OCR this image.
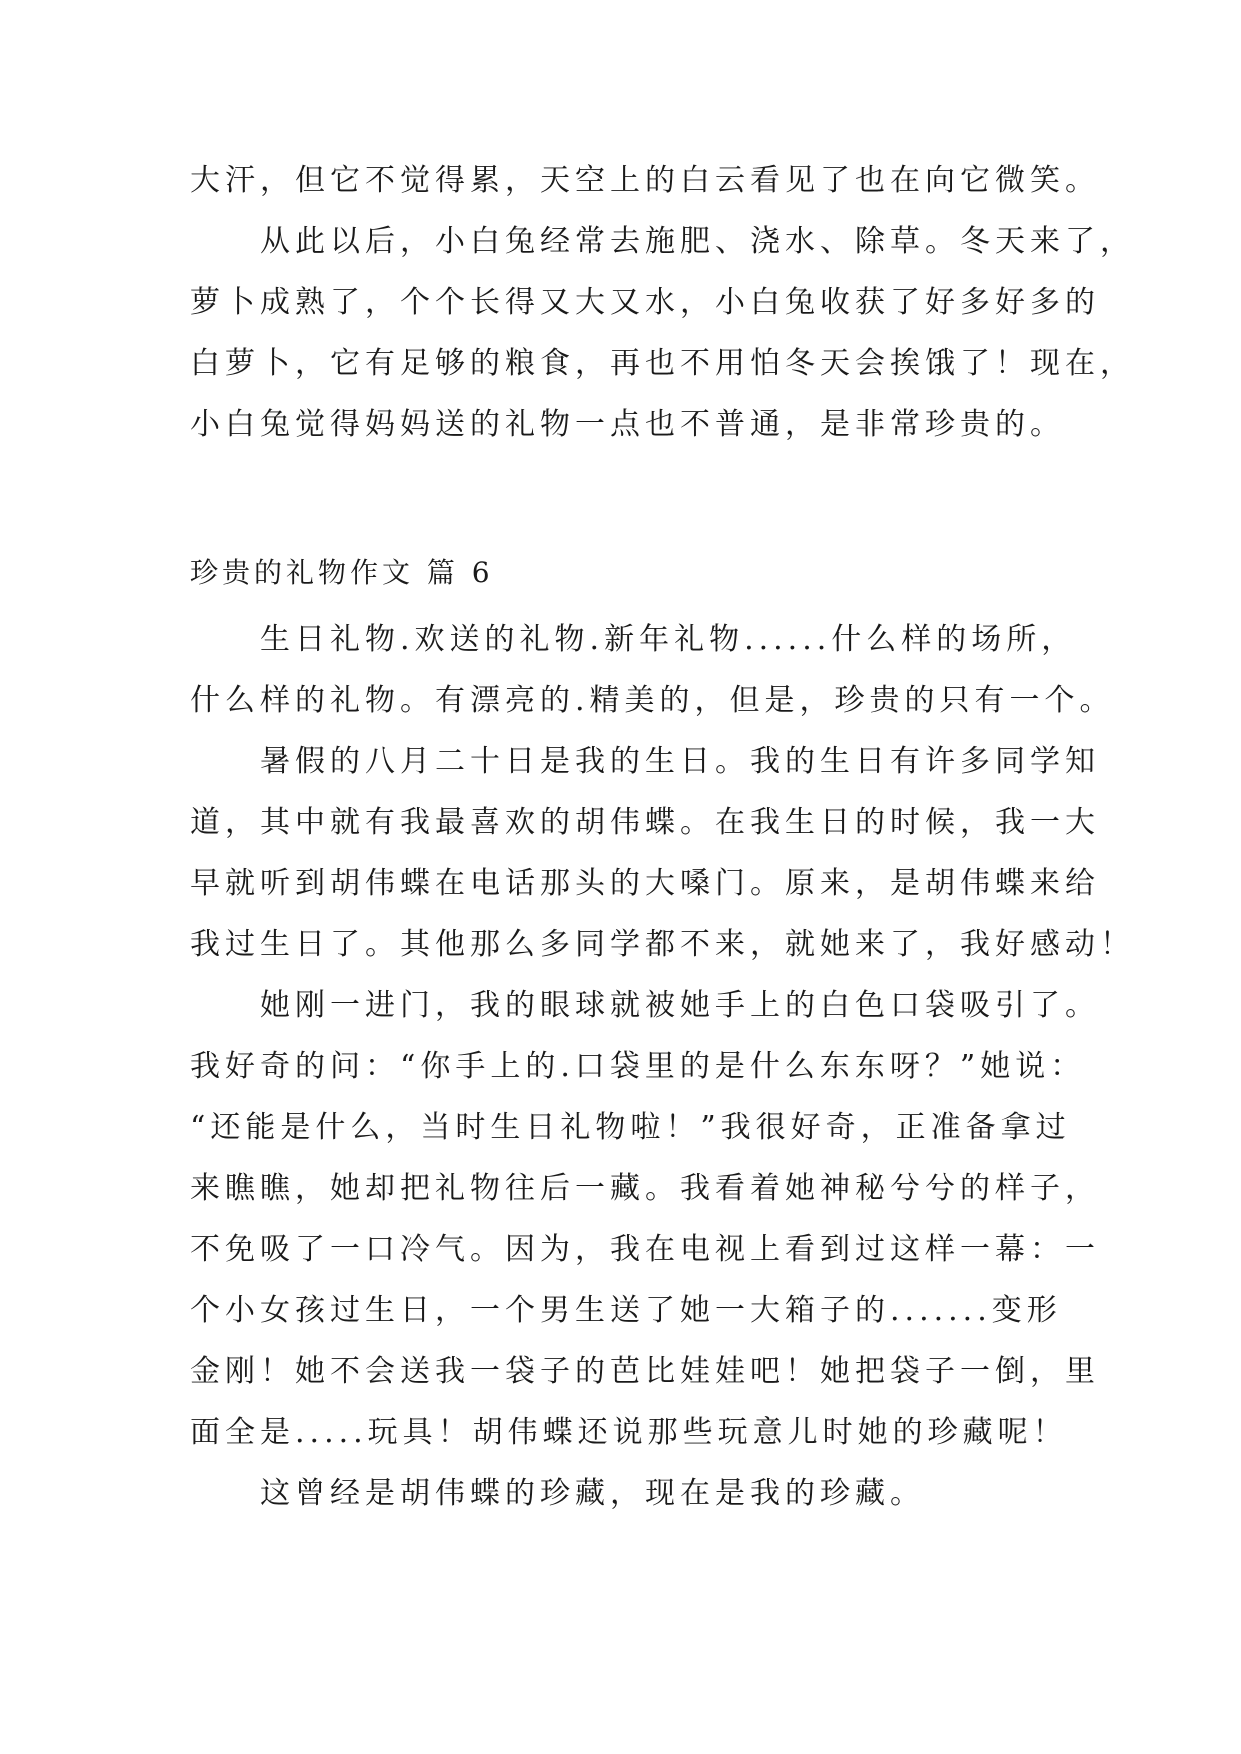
大汗，但它不觉得累，天空上的白云看见了也在向它微笑。
从此以后，小白兔经常去施肥、浇水、除草。冬天来了，
萝卜成熟了，个个长得又大又水，小白兔收获了好多好多的
白萝卜，它有足够的粮食，再也不用怕冬天会挨饿了！现在，
小白兔觉得妈妈送的礼物一点也不普通，是非常珍贵的。
珍贵的礼物作文 篇 6
生日礼物.欢送的礼物.新年礼物......什么样的场所，
什么样的礼物。有漂亮的.精美的，但是，珍贵的只有一个。
暑假的八月二十日是我的生日。我的生日有许多同学知
道，其中就有我最喜欢的胡伟蝶。在我生日的时候，我一大
早就听到胡伟蝶在电话那头的大嗓门。原来，是胡伟蝶来给
我过生日了。其他那么多同学都不来，就她来了，我好感动！
她刚一进门，我的眼球就被她手上的白色口袋吸引了。
我好奇的问：“你手上的.口袋里的是什么东东呀？”她说：
“还能是什么，当时生日礼物啦！”我很好奇，正准备拿过
来瞧瞧，她却把礼物往后一藏。我看着她神秘兮兮的样子，
不免吸了一口冷气。因为，我在电视上看到过这样一幕：一
个小女孩过生日，一个男生送了她一大箱子的.......变形
金刚！她不会送我一袋子的芭比娃娃吧！她把袋子一倒，里
面全是.....玩具！胡伟蝶还说那些玩意儿时她的珍藏呢！
这曾经是胡伟蝶的珍藏，现在是我的珍藏。
